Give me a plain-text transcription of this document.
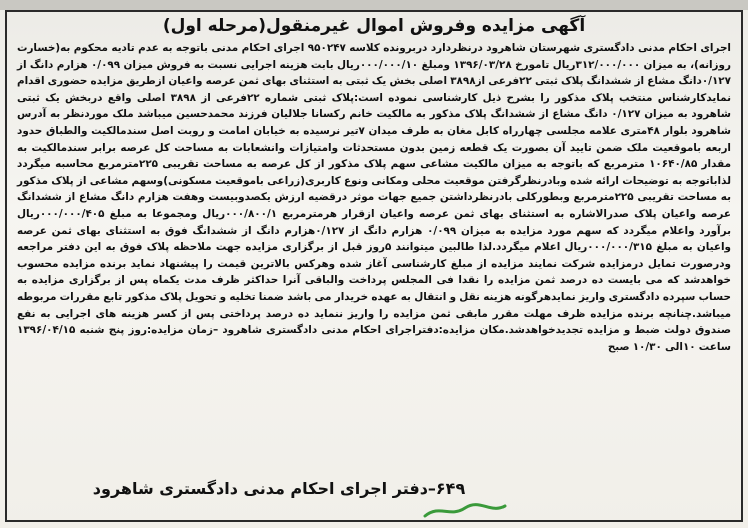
آگهی مزایده وفروش اموال غیرمنقول(مرحله اول)
اجرای احکام مدنی دادگستری شهرستان شاهرود درنظردارد دربرونده کلاسه ۹۵۰۲۴۷ اجرای احکام مدنی باتوجه به عدم تادیه محکوم به(خسارت روزانه)، به میزان ۳۱۲/۰۰۰/۰۰۰ریال تامورخ ۱۳۹۶/۰۳/۲۸ ومبلغ ۰۰۰/۰۰۰/۱۰ریال بابت هزینه اجرایی نسبت به فروش میزان ۰/۰۹۹ هزارم دانگ از ۰/۱۲۷دانگ مشاع از ششدانگ پلاک ثبتی ۲۲فرعی از۳۸۹۸ اصلی بخش یک ثبتی به استثنای بهای ثمن عرصه واعیان ازطریق مزایده حضوری اقدام نمایدکارشناس منتخب پلاک مذکور را بشرح ذیل کارشناسی نموده است:پلاک ثبتی شماره ۲۲فرعی از ۳۸۹۸ اصلی واقع دربخش یک ثبتی شاهرود به میزان ۰/۱۲۷ دانگ مشاع از ششدانگ پلاک مذکور به مالکیت خانم رکسانا جلالیان فرزند محمدحسین میباشد ملک موردنظر به آدرس شاهرود بلوار ۴۸متری علامه مجلسی چهارراه کابل مغان به طرف میدان ۷تیر نرسیده به خیابان امامت و روبت اصل سندمالکیت والطباق حدود اربعه باموقعیت ملک ضمن تایید آن بصورت یک قطعه زمین بدون مستحدثات وامتیازات وانشعابات به مساحت کل عرصه برابر سندمالکیت به مقدار ۱۰۶۴۰/۸۵ مترمربع که باتوجه به میزان مالکیت مشاعی سهم پلاک مذکور از کل عرصه به مساحت تقریبی ۲۲۵مترمربع محاسبه میگردد لذاباتوجه به توضیحات ارائه شده وبادرنظرگرفتن موقعیت محلی ومکانی ونوع کاربری(زراعی باموقعیت مسکونی)وسهم مشاعی از پلاک مذکور به مساحت تقریبی ۲۲۵مترمربع وبطورکلی بادرنظرداشتن جمیع جهات موثر درقضیه ارزش یکصدوبیست وهفت هزارم دانگ مشاع از ششدانگ عرصه واعیان پلاک صدرالاشاره به استثنای بهای ثمن عرصه واعیان ازقرار هرمترمربع ۰۰۰/۸۰۰/۱ریال ومجموعا به مبلغ ۰۰۰/۰۰۰/۴۰۵ریال برآورد واعلام میگردد که سهم مورد مزایده به میزان ۰/۰۹۹ هزارم دانگ از ۰/۱۲۷هزارم دانگ از ششدانگ فوق به استثنای بهای ثمن عرصه واعیان به مبلغ ۰۰۰/۰۰۰/۳۱۵ریال اعلام میگردد.لذا طالبین میتوانند ۵روز قبل از برگزاری مزایده جهت ملاحظه پلاک فوق به این دفتر مراجعه ودرصورت تمایل درمزایده شرکت نمایند مزایده از مبلغ کارشناسی آغاز شده وهرکس بالاترین قیمت را پیشنهاد نماید برنده مزایده محسوب خواهدشد که می بایست ده درصد ثمن مزایده را نقدا فی المجلس پرداخت والباقی آنرا حداکثر ظرف مدت یکماه پس از برگزاری مزایده به حساب سپرده دادگستری واریز نمایدهرگونه هزینه نقل و انتقال به عهده خریدار می باشد ضمنا تخلیه و تحویل پلاک مذکور تابع مقررات مربوطه میباشد.چنانچه برنده مزایده ظرف مهلت مقرر مابقی ثمن مزایده را واریز ننماید ده درصد پرداختی پس از کسر هزینه های اجرایی به نفع صندوق دولت ضبط و مزایده تجدیدخواهدشد.مکان مزایده:دفتراجرای احکام مدنی دادگستری شاهرود –زمان مزایده:روز پنج شنبه ۱۳۹۶/۰۴/۱۵ ساعت ۱۰الی ۱۰/۳۰ صبح
۶۴۹–دفتر اجرای احکام مدنی دادگستری شاهرود
